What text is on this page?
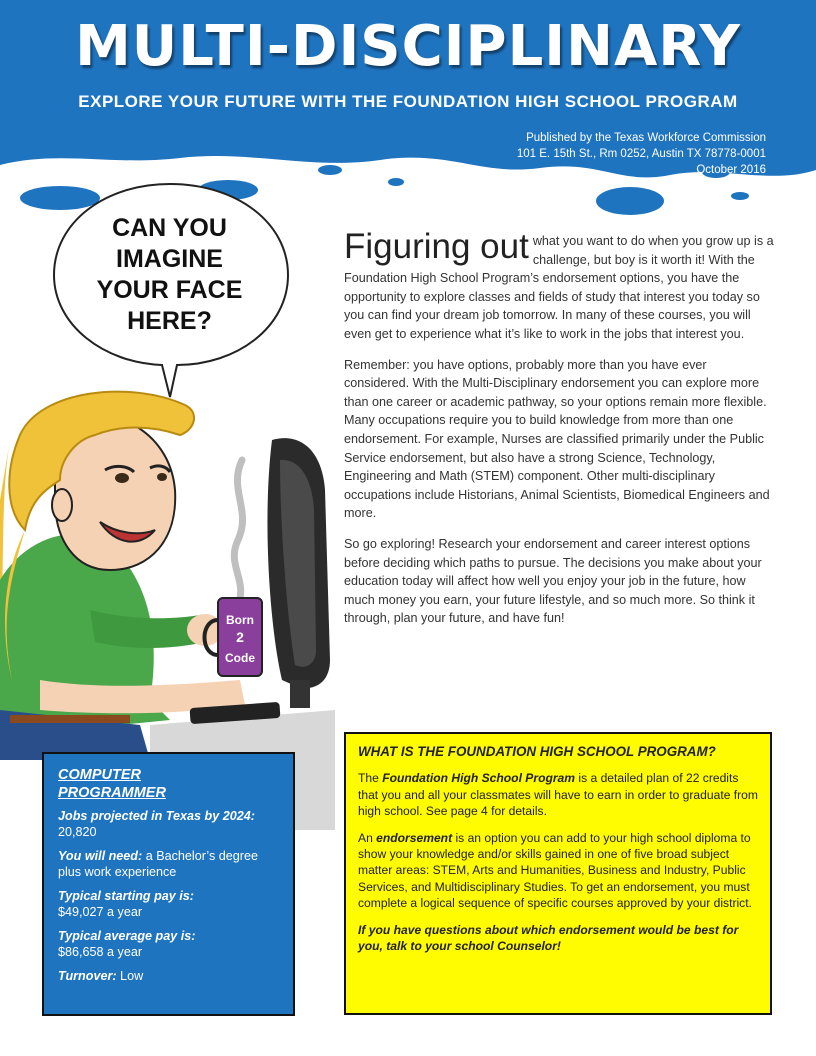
MULTI-DISCIPLINARY
EXPLORE YOUR FUTURE WITH THE FOUNDATION HIGH SCHOOL PROGRAM
Published by the Texas Workforce Commission
101 E. 15th St., Rm 0252, Austin TX 78778-0001
October 2016
CAN YOU
IMAGINE
YOUR FACE
HERE?
Born
2
Code

Figuring out what you want to do when you grow up is a challenge, but boy is it worth it! With the Foundation High School Program’s endorsement options, you have the opportunity to explore classes and fields of study that interest you today so you can find your dream job tomorrow. In many of these courses, you will even get to experience what it’s like to work in the jobs that interest you.

Remember: you have options, probably more than you have ever considered. With the Multi-Disciplinary endorsement you can explore more than one career or academic pathway, so your options remain more flexible. Many occupations require you to build knowledge from more than one endorsement. For example, Nurses are classified primarily under the Public Service endorsement, but also have a strong Science, Technology, Engineering and Math (STEM) component. Other multi-disciplinary occupations include Historians, Animal Scientists, Biomedical Engineers and more.

So go exploring! Research your endorsement and career interest options before deciding which paths to pursue. The decisions you make about your education today will affect how well you enjoy your job in the future, how much money you earn, your future lifestyle, and so much more. So think it through, plan your future, and have fun!

COMPUTER
PROGRAMMER
Jobs projected in Texas by 2024:
20,820
You will need: a Bachelor’s degree plus work experience
Typical starting pay is:
$49,027 a year
Typical average pay is:
$86,658 a year
Turnover: Low
WHAT IS THE FOUNDATION HIGH SCHOOL PROGRAM?

The Foundation High School Program is a detailed plan of 22 credits that you and all your classmates will have to earn in order to graduate from high school. See page 4 for details.

An endorsement is an option you can add to your high school diploma to show your knowledge and/or skills gained in one of five broad subject matter areas: STEM, Arts and Humanities, Business and Industry, Public Services, and Multidisciplinary Studies. To get an endorsement, you must complete a logical sequence of specific courses approved by your district.

If you have questions about which endorsement would be best for you, talk to your school Counselor!
